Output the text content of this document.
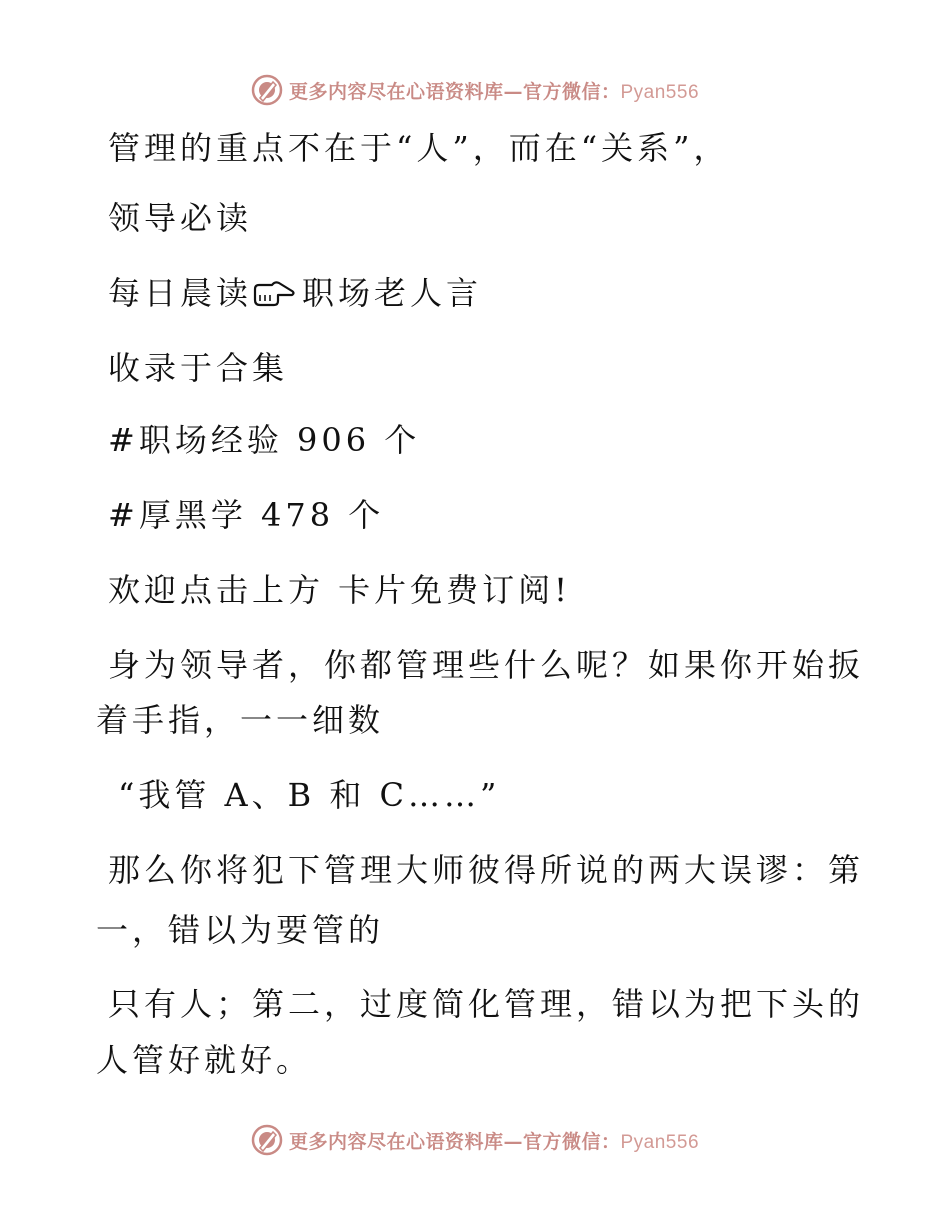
更多内容尽在心语资料库—官方微信：Pyan556
管理的重点不在于“人”，而在“关系”，
领导必读
每日晨读 职场老人言
收录于合集
#职场经验 906 个
#厚黑学 478 个
欢迎点击上方 卡片免费订阅!
身为领导者，你都管理些什么呢？如果你开始扳
着手指，一一细数
“我管 A、B 和 C……”
那么你将犯下管理大师彼得所说的两大误谬：第
一，错以为要管的
只有人；第二，过度简化管理，错以为把下头的
人管好就好。
更多内容尽在心语资料库—官方微信：Pyan556
